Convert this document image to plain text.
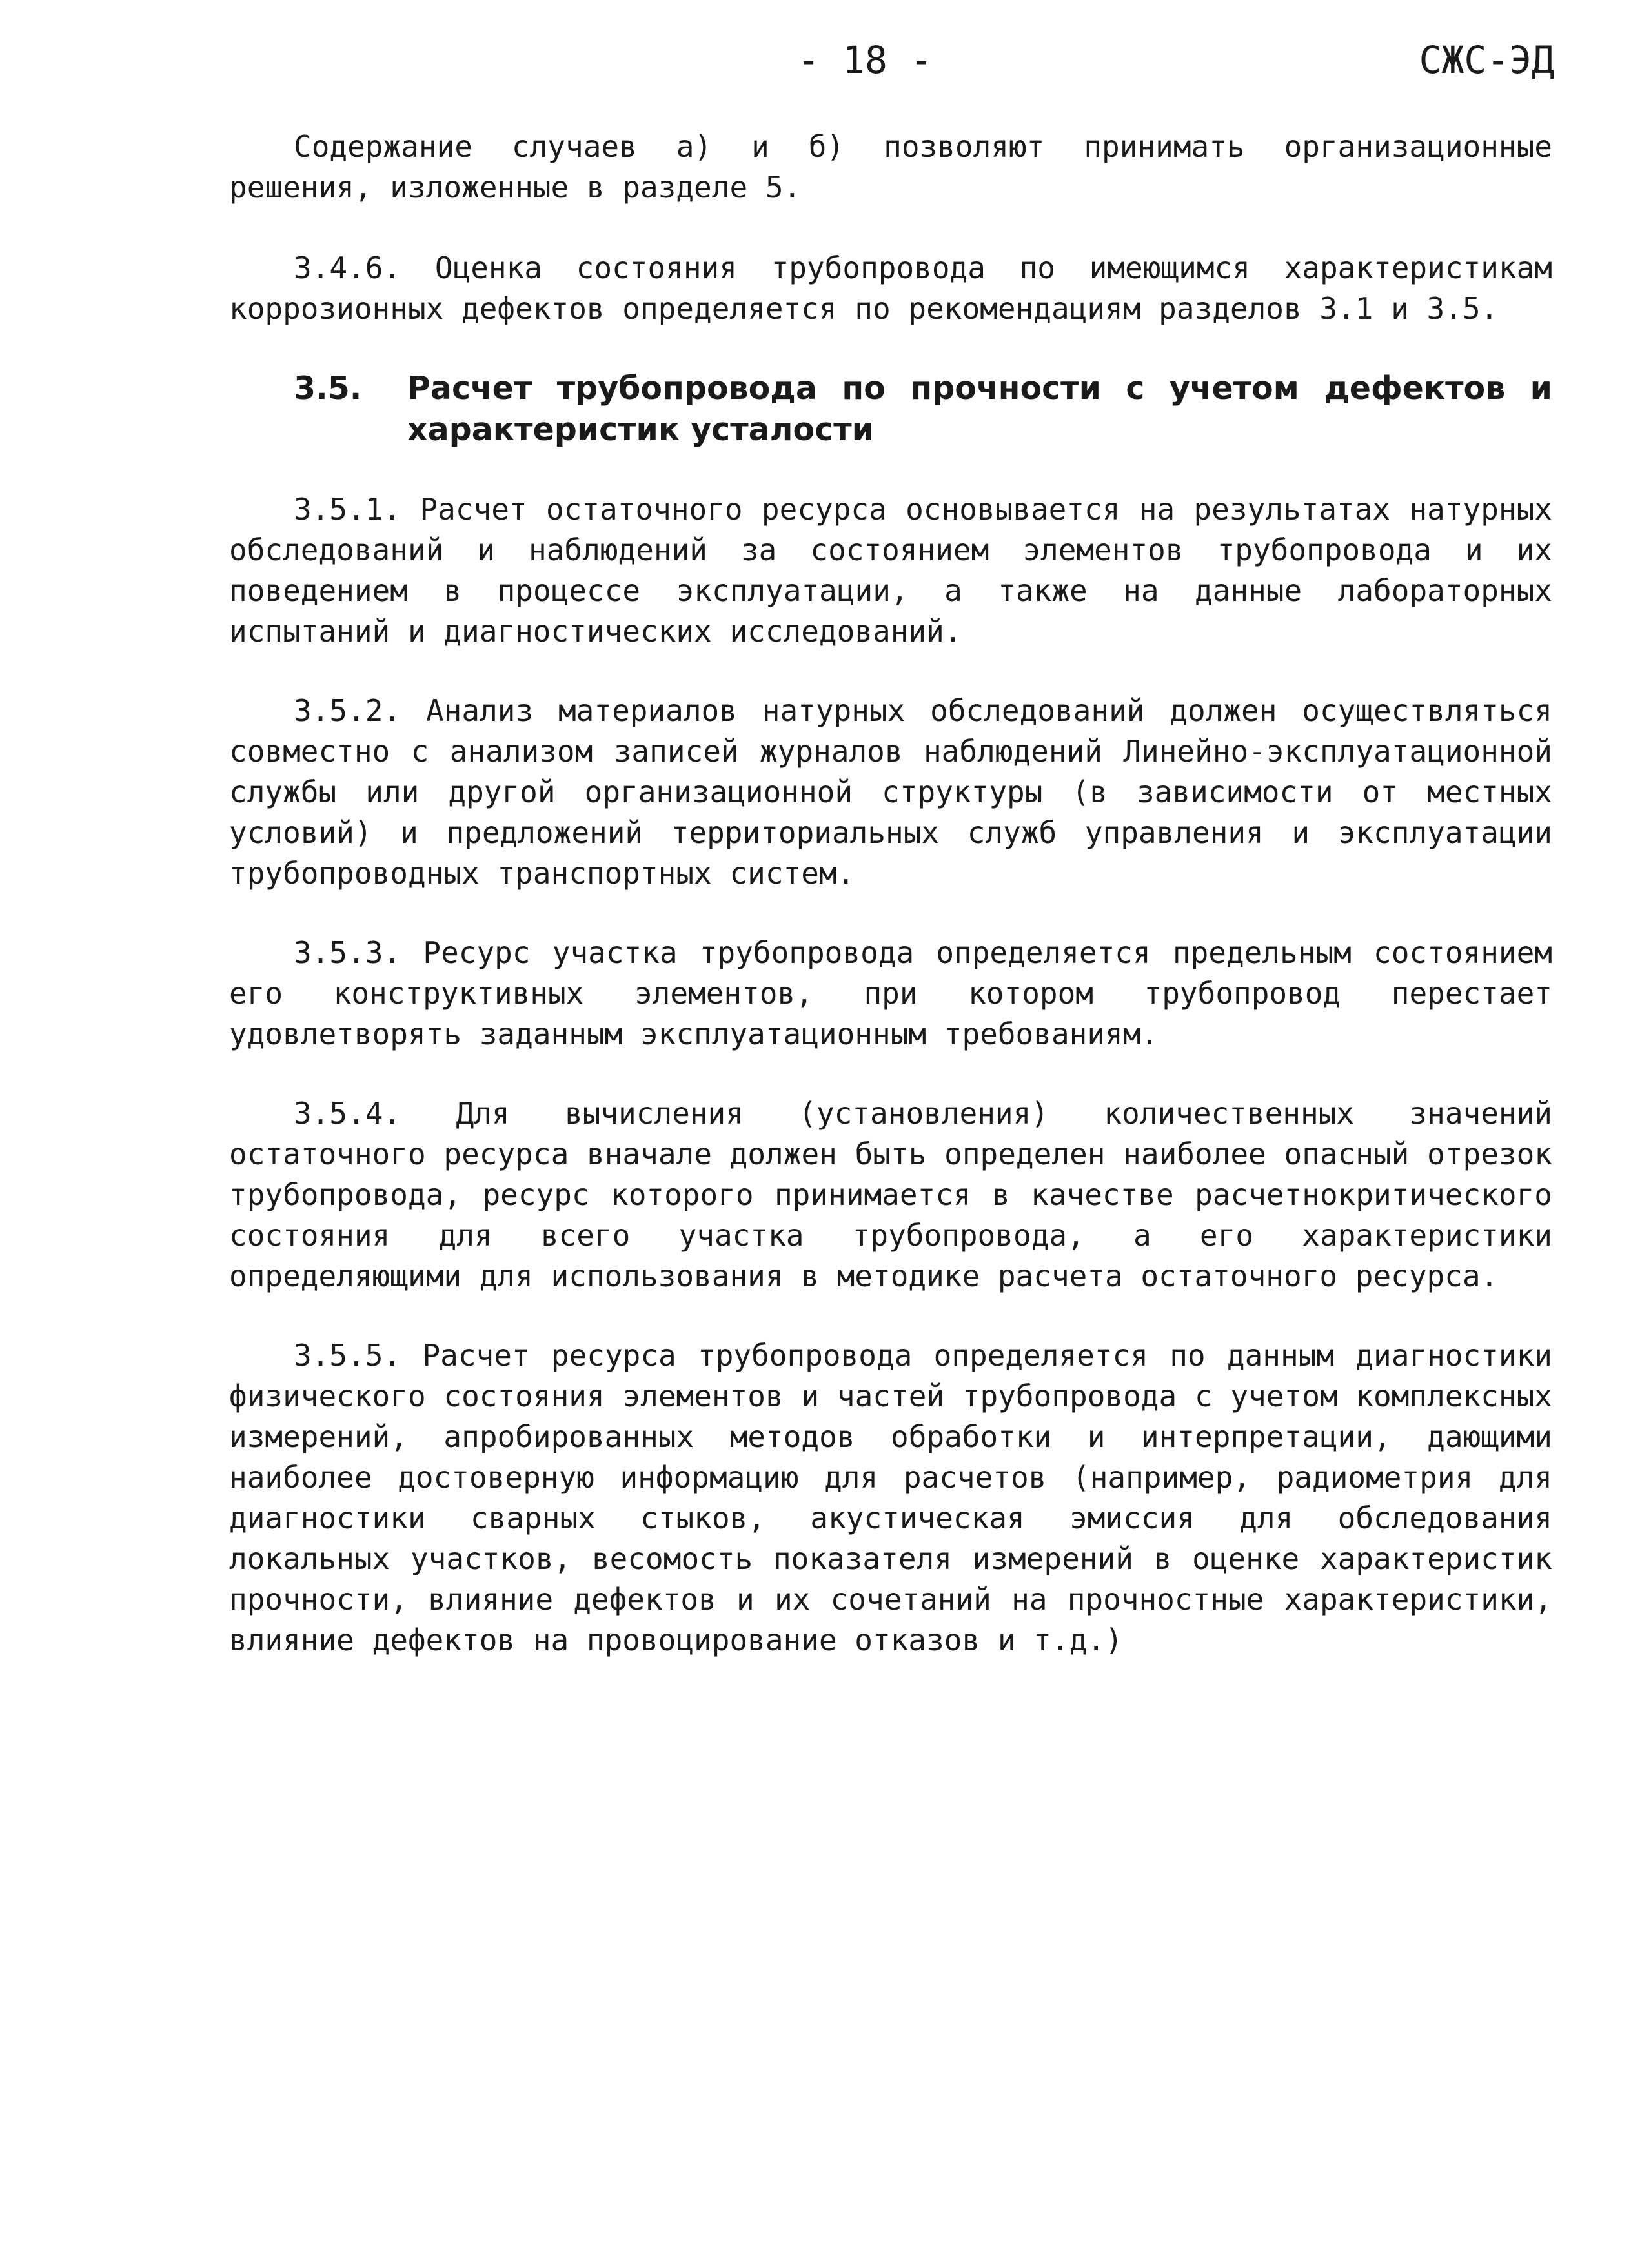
- 18 -	СЖС-ЭД

Содержание случаев а) и б) позволяют принимать организационные решения, изложенные в разделе 5.

3.4.6. Оценка состояния трубопровода по имеющимся характеристикам коррозионных дефектов определяется по рекомендациям разделов 3.1 и 3.5.

3.5.	Расчет трубопровода по прочности с учетом дефектов и характеристик усталости

3.5.1. Расчет остаточного ресурса основывается на результатах натурных обследований и наблюдений за состоянием элементов трубопровода и их поведением в процессе эксплуатации, а также на данные лабораторных испытаний и диагностических исследований.

3.5.2. Анализ материалов натурных обследований должен осуществляться совместно с анализом записей журналов наблюдений Линейно-эксплуатационной службы или другой организационной структуры (в зависимости от местных условий) и предложений территориальных служб управления и эксплуатации трубопроводных транспортных систем.

3.5.3. Ресурс участка трубопровода определяется предельным состоянием его конструктивных элементов, при котором трубопровод перестает удовлетворять заданным эксплуатационным требованиям.

3.5.4. Для вычисления (установления) количественных значений остаточного ресурса вначале должен быть определен наиболее опасный отрезок трубопровода, ресурс которого принимается в качестве расчетнокритического состояния для всего участка трубопровода, а его характеристики определяющими для использования в методике расчета остаточного ресурса.

3.5.5. Расчет ресурса трубопровода определяется по данным диагностики физического состояния элементов и частей трубопровода с учетом комплексных измерений, апробированных методов обработки и интерпретации, дающими наиболее достоверную информацию для расчетов (например, радиометрия для диагностики сварных стыков, акустическая эмиссия для обследования локальных участков, весомость показателя измерений в оценке характеристик прочности, влияние дефектов и их сочетаний на прочностные характеристики, влияние дефектов на провоцирование отказов и т.д.)
